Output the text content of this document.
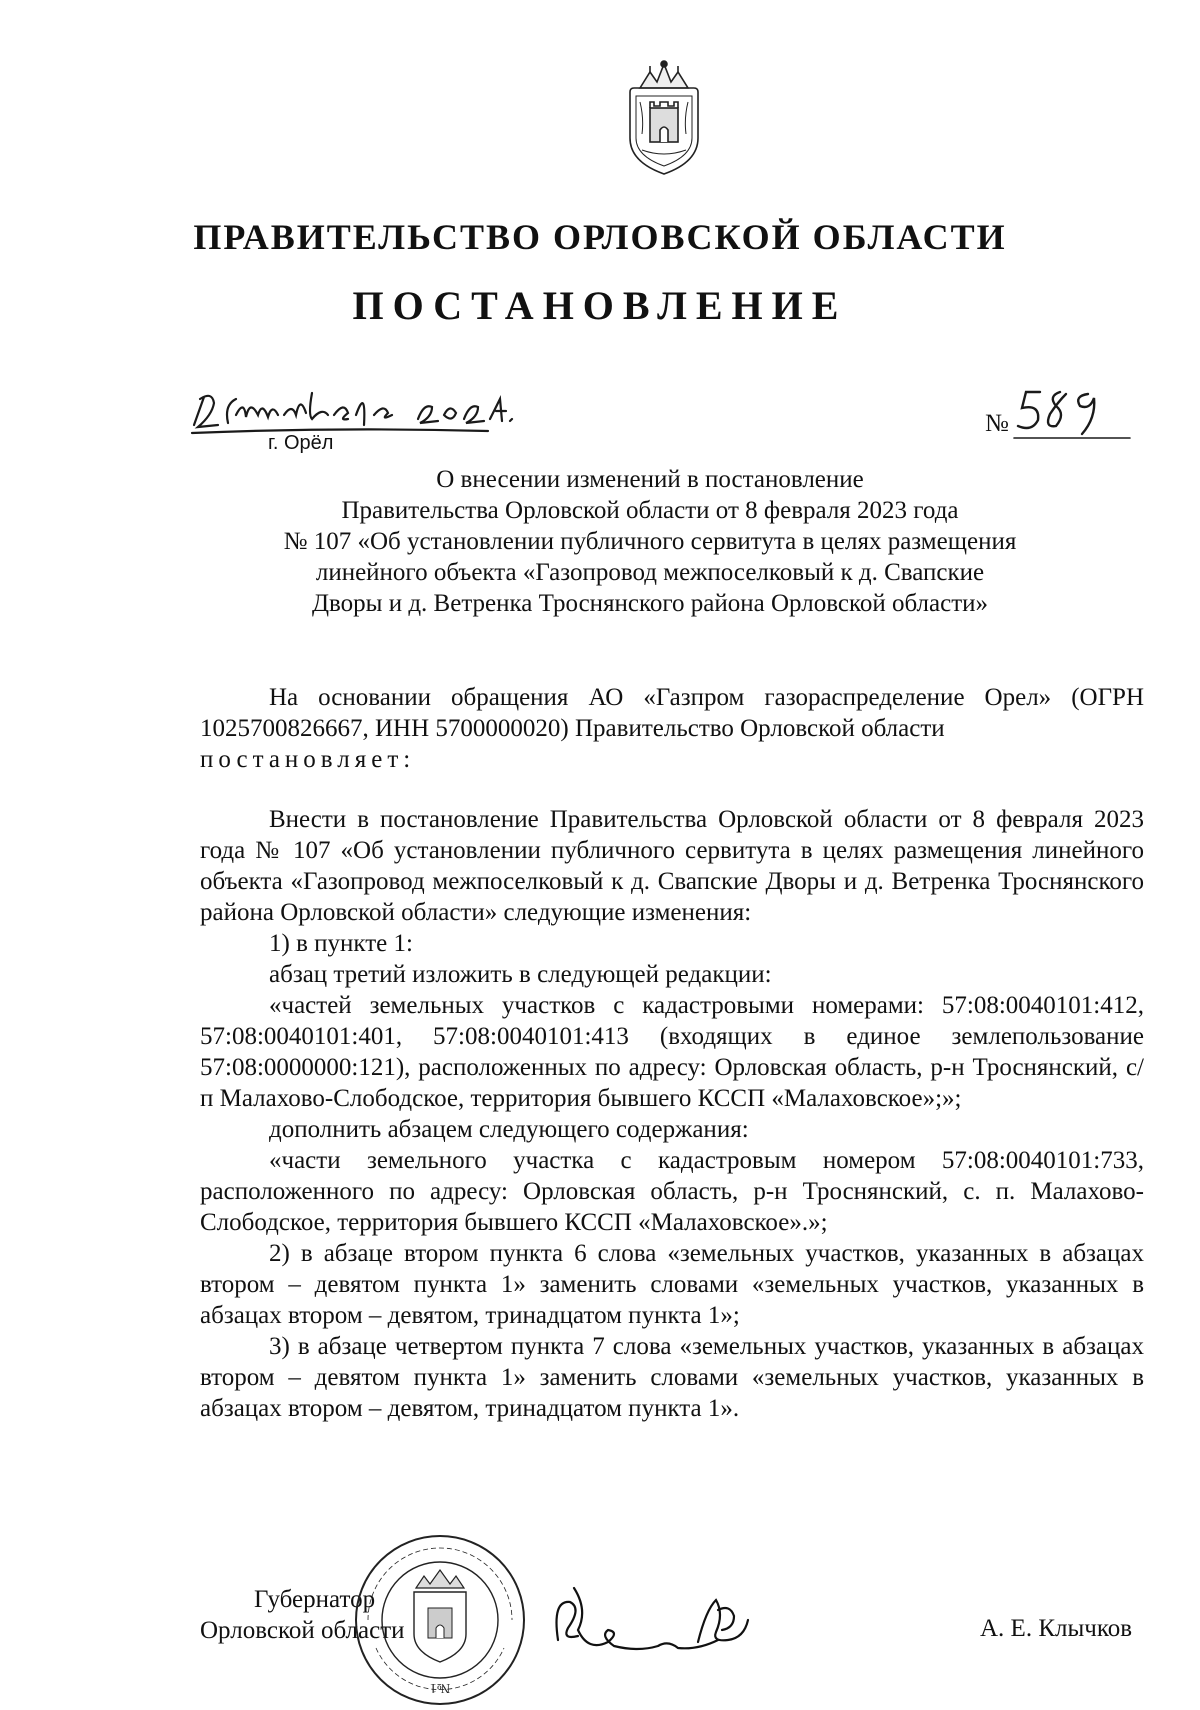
ПРАВИТЕЛЬСТВО ОРЛОВСКОЙ ОБЛАСТИ
ПОСТАНОВЛЕНИЕ
г. Орёл
№
О внесении изменений в постановление
Правительства Орловской области от 8 февраля 2023 года
№ 107 «Об установлении публичного сервитута в целях размещения
линейного объекта «Газопровод межпоселковый к д. Свапские
Дворы и д. Ветренка Троснянского района Орловской области»

На основании обращения АО «Газпром газораспределение Орел» (ОГРН 1025700826667, ИНН 5700000020) Правительство Орловской области

постановляет:

Внести в постановление Правительства Орловской области от 8 февраля 2023 года № 107 «Об установлении публичного сервитута в целях размещения линейного объекта «Газопровод межпоселковый к д. Свапские Дворы и д. Ветренка Троснянского района Орловской области» следующие изменения:

1) в пункте 1:

абзац третий изложить в следующей редакции:

«частей земельных участков с кадастровыми номерами: 57:08:0040101:412, 57:08:0040101:401, 57:08:0040101:413 (входящих в единое землепользование 57:08:0000000:121), расположенных по адресу: Орловская область, р-н Троснянский, с/п Малахово-Слободское, территория бывшего КССП «Малаховское»;»;

дополнить абзацем следующего содержания:

«части земельного участка с кадастровым номером 57:08:0040101:733, расположенного по адресу: Орловская область, р-н Троснянский, с. п. Малахово-Слободское, территория бывшего КССП «Малаховское».»;

2) в абзаце втором пункта 6 слова «земельных участков, указанных в абзацах втором – девятом пункта 1» заменить словами «земельных участков, указанных в абзацах втором – девятом, тринадцатом пункта 1»;

3) в абзаце четвертом пункта 7 слова «земельных участков, указанных в абзацах втором – девятом пункта 1» заменить словами «земельных участков, указанных в абзацах втором – девятом, тринадцатом пункта 1».

Губернатор
Орловской области
№1
А. Е. Клычков
